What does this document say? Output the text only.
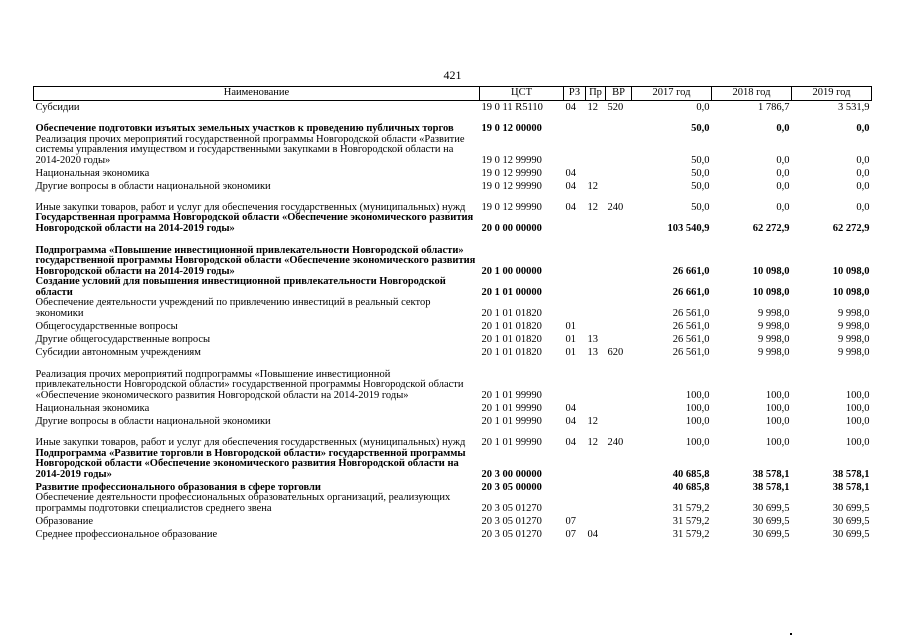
421
Наименование	ЦСТ	РЗ	Пр	ВР	2017 год	2018 год	2019 год
Субсидии	19 0 11 R5110	04	12	520	0,0	1 786,7	3 531,9
Обеспечение подготовки изъятых земельных участков к проведению публичных торгов	19 0 12 00000				50,0	0,0	0,0
Реализация прочих мероприятий государственной программы Новгородской области «Развитие системы управления имуществом и государственными закупками в Новгородской области на 2014-2020 годы»	19 0 12 99990				50,0	0,0	0,0
Национальная экономика	19 0 12 99990	04			50,0	0,0	0,0
Другие вопросы в области национальной экономики	19 0 12 99990	04	12		50,0	0,0	0,0
Иные закупки товаров, работ и услуг для обеспечения государственных (муниципальных) нужд	19 0 12 99990	04	12	240	50,0	0,0	0,0
Государственная программа Новгородской области «Обеспечение экономического развития Новгородской области на 2014-2019 годы»	20 0 00 00000				103 540,9	62 272,9	62 272,9
Подпрограмма «Повышение инвестиционной привлекательности Новгородской области» государственной программы Новгородской области «Обеспечение экономического развития Новгородской области на 2014-2019 годы»	20 1 00 00000				26 661,0	10 098,0	10 098,0
Создание условий для повышения инвестиционной привлекательности Новгородской области	20 1 01 00000				26 661,0	10 098,0	10 098,0
Обеспечение деятельности учреждений по привлечению инвестиций в реальный сектор экономики	20 1 01 01820				26 561,0	9 998,0	9 998,0
Общегосударственные вопросы	20 1 01 01820	01			26 561,0	9 998,0	9 998,0
Другие общегосударственные вопросы	20 1 01 01820	01	13		26 561,0	9 998,0	9 998,0
Субсидии автономным учреждениям	20 1 01 01820	01	13	620	26 561,0	9 998,0	9 998,0
Реализация прочих мероприятий подпрограммы «Повышение инвестиционной привлекательности Новгородской области» государственной программы Новгородской области «Обеспечение экономического развития Новгородской области на 2014-2019 годы»	20 1 01 99990				100,0	100,0	100,0
Национальная экономика	20 1 01 99990	04			100,0	100,0	100,0
Другие вопросы в области национальной экономики	20 1 01 99990	04	12		100,0	100,0	100,0
Иные закупки товаров, работ и услуг для обеспечения государственных (муниципальных) нужд	20 1 01 99990	04	12	240	100,0	100,0	100,0
Подпрограмма «Развитие торговли в Новгородской области» государственной программы Новгородской области «Обеспечение экономического развития Новгородской области на 2014-2019 годы»	20 3 00 00000				40 685,8	38 578,1	38 578,1
Развитие профессионального образования в сфере торговли	20 3 05 00000				40 685,8	38 578,1	38 578,1
Обеспечение деятельности профессиональных образовательных организаций, реализующих программы подготовки специалистов среднего звена	20 3 05 01270				31 579,2	30 699,5	30 699,5
Образование	20 3 05 01270	07			31 579,2	30 699,5	30 699,5
Среднее профессиональное образование	20 3 05 01270	07	04		31 579,2	30 699,5	30 699,5
